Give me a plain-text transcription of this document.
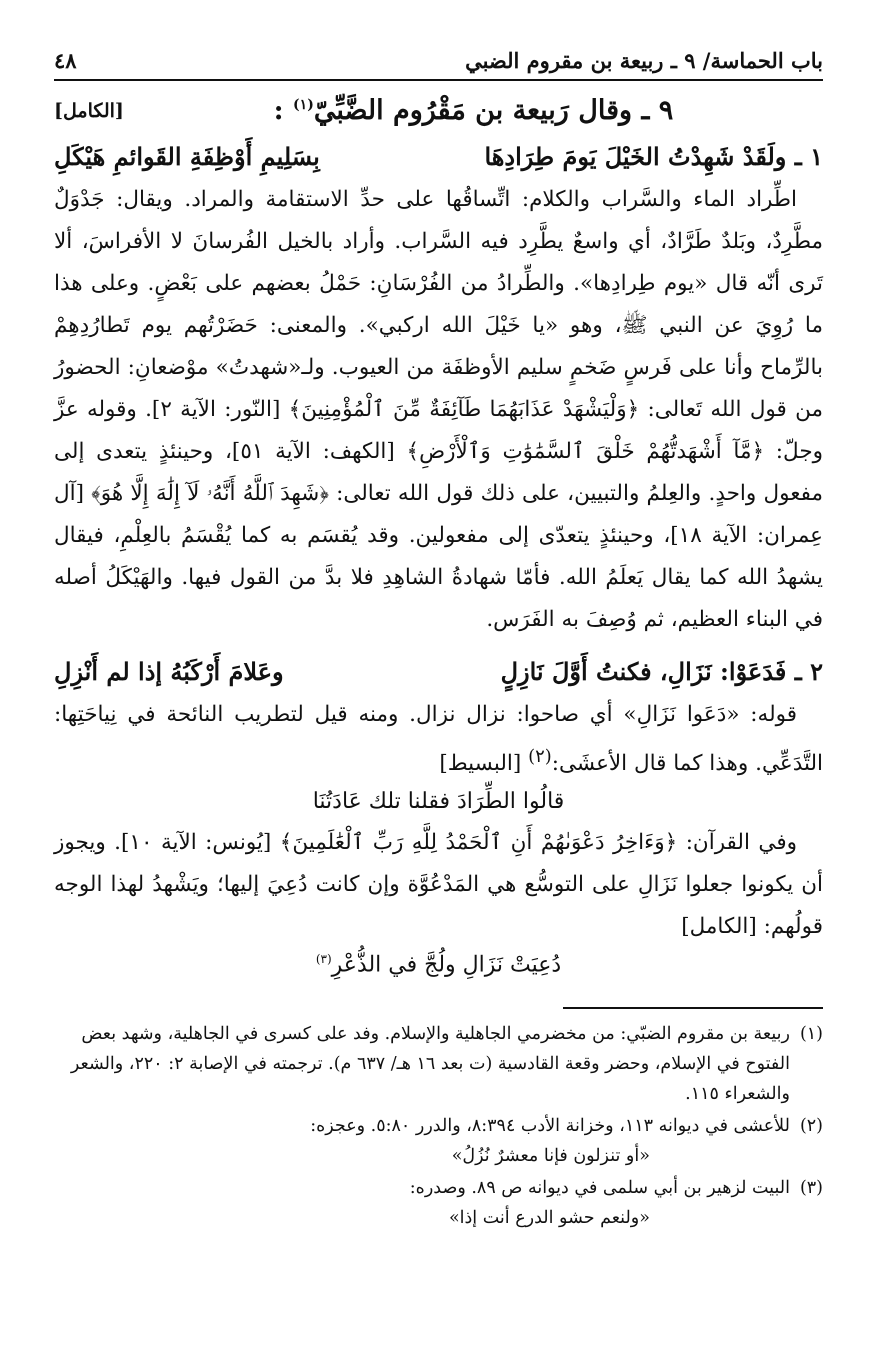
باب الحماسة/ ٩ ـ ربيعة بن مقروم الضبي
٤٨
٩ ـ وقال رَبيعة بن مَقْرُوم الضَّبِّيّ$^{(١)}$ :
[الكامل]
١ ـ ولَقَدْ شَهِدْتُ الخَيْلَ يَومَ طِرَادِهَا
بِسَلِيمِ أَوْظِفَةِ القَوائمِ هَيْكَلِ

اطِّراد الماء والسَّراب والكلام: اتِّساقُها على حدِّ الاستقامة والمراد. ويقال: جَدْوَلٌ مطَّرِدٌ، وبَلدٌ طَرَّادٌ، أي واسعٌ يطَّرِد فيه السَّراب. وأراد بالخيل الفُرسانَ لا الأفراسَ، ألا تَرى أنّه قال «يوم طِرادِها». والطِّرادُ من الفُرْسَانِ: حَمْلُ بعضهم على بَعْضٍ. وعلى هذا ما رُوِيَ عن النبي ﷺ، وهو «يا خَيْلَ الله اركبي». والمعنى: حَضَرْتُهم يوم تَطارُدِهِمْ بالرِّماح وأنا على فَرسٍ ضَخمٍ سليم الأوظفَة من العيوب. ولـ«شهدتُ» موْضعانِ: الحضورُ من قول الله تَعالى: ﴿وَلْيَشْهَدْ عَذَابَهُمَا طَآئِفَةٌ مِّنَ ٱلْمُؤْمِنِينَ﴾ [النّور: الآية ٢]. وقوله عزَّ وجلّ: ﴿مَّآ أَشْهَدتُّهُمْ خَلْقَ ٱلسَّمَٰوَٰتِ وَٱلْأَرْضِ﴾ [الكهف: الآية ٥١]، وحينئذٍ يتعدى إلى مفعول واحدٍ. والعِلمُ والتبيين، على ذلك قول الله تعالى: ﴿شَهِدَ ٱللَّهُ أَنَّهُۥ لَآ إِلَٰهَ إِلَّا هُوَ﴾ [آل عِمران: الآية ١٨]، وحينئذٍ يتعدّى إلى مفعولين. وقد يُقسَم به كما يُقْسَمُ بالعِلْمِ، فيقال يشهدُ الله كما يقال يَعلَمُ الله. فأمّا شهادةُ الشاهِدِ فلا بدَّ من القول فيها. والهَيْكَلُ أصله في البناء العظيم، ثم وُصِفَ به الفَرَس.

٢ ـ فَدَعَوْا: نَزَالِ، فكنتُ أَوَّلَ نَازِلٍ
وعَلامَ أَرْكَبُهُ إذا لم أَنْزِلِ

قوله: «دَعَوا نَزَالِ» أي صاحوا: نزال نزال. ومنه قيل لتطريب النائحة في نِياحَتِها: التَّدَعِّي. وهذا كما قال الأعشَى:$^{(٢)}$ [البسيط]

قالُوا الطِّرَادَ فقلنا تلك عَادَتُنَا

وفي القرآن: ﴿وَءَاخِرُ دَعْوَىٰهُمْ أَنِ ٱلْحَمْدُ لِلَّهِ رَبِّ ٱلْعَٰلَمِينَ﴾ [يُونس: الآية ١٠]. ويجوز أن يكونوا جعلوا نَزَالِ على التوسُّع هي المَدْعُوَّة وإن كانت دُعِيَ إليها؛ ويَشْهدُ لهذا الوجه قولُهم: [الكامل]

دُعِيَتْ نَزَالِ ولُجَّ في الذُّعْرِ$^{(٣)}$
(١)
ربيعة بن مقروم الضبّي: من مخضرمي الجاهلية والإسلام. وفد على كسرى في الجاهلية، وشهد بعض الفتوح في الإسلام، وحضر وقعة القادسية (ت بعد ١٦ هـ/ ٦٣٧ م). ترجمته في الإصابة ٢: ٢٢٠، والشعر والشعراء ١١٥.
(٢)
للأعشى في ديوانه ١١٣، وخزانة الأدب ٨:٣٩٤، والدرر ٥:٨٠. وعجزه:
«أو تنزلون فإنا معشرٌ نُزُلُ»
(٣)
البيت لزهير بن أبي سلمى في ديوانه ص ٨٩. وصدره:
«ولنعم حشو الدرع أنت إذا»
